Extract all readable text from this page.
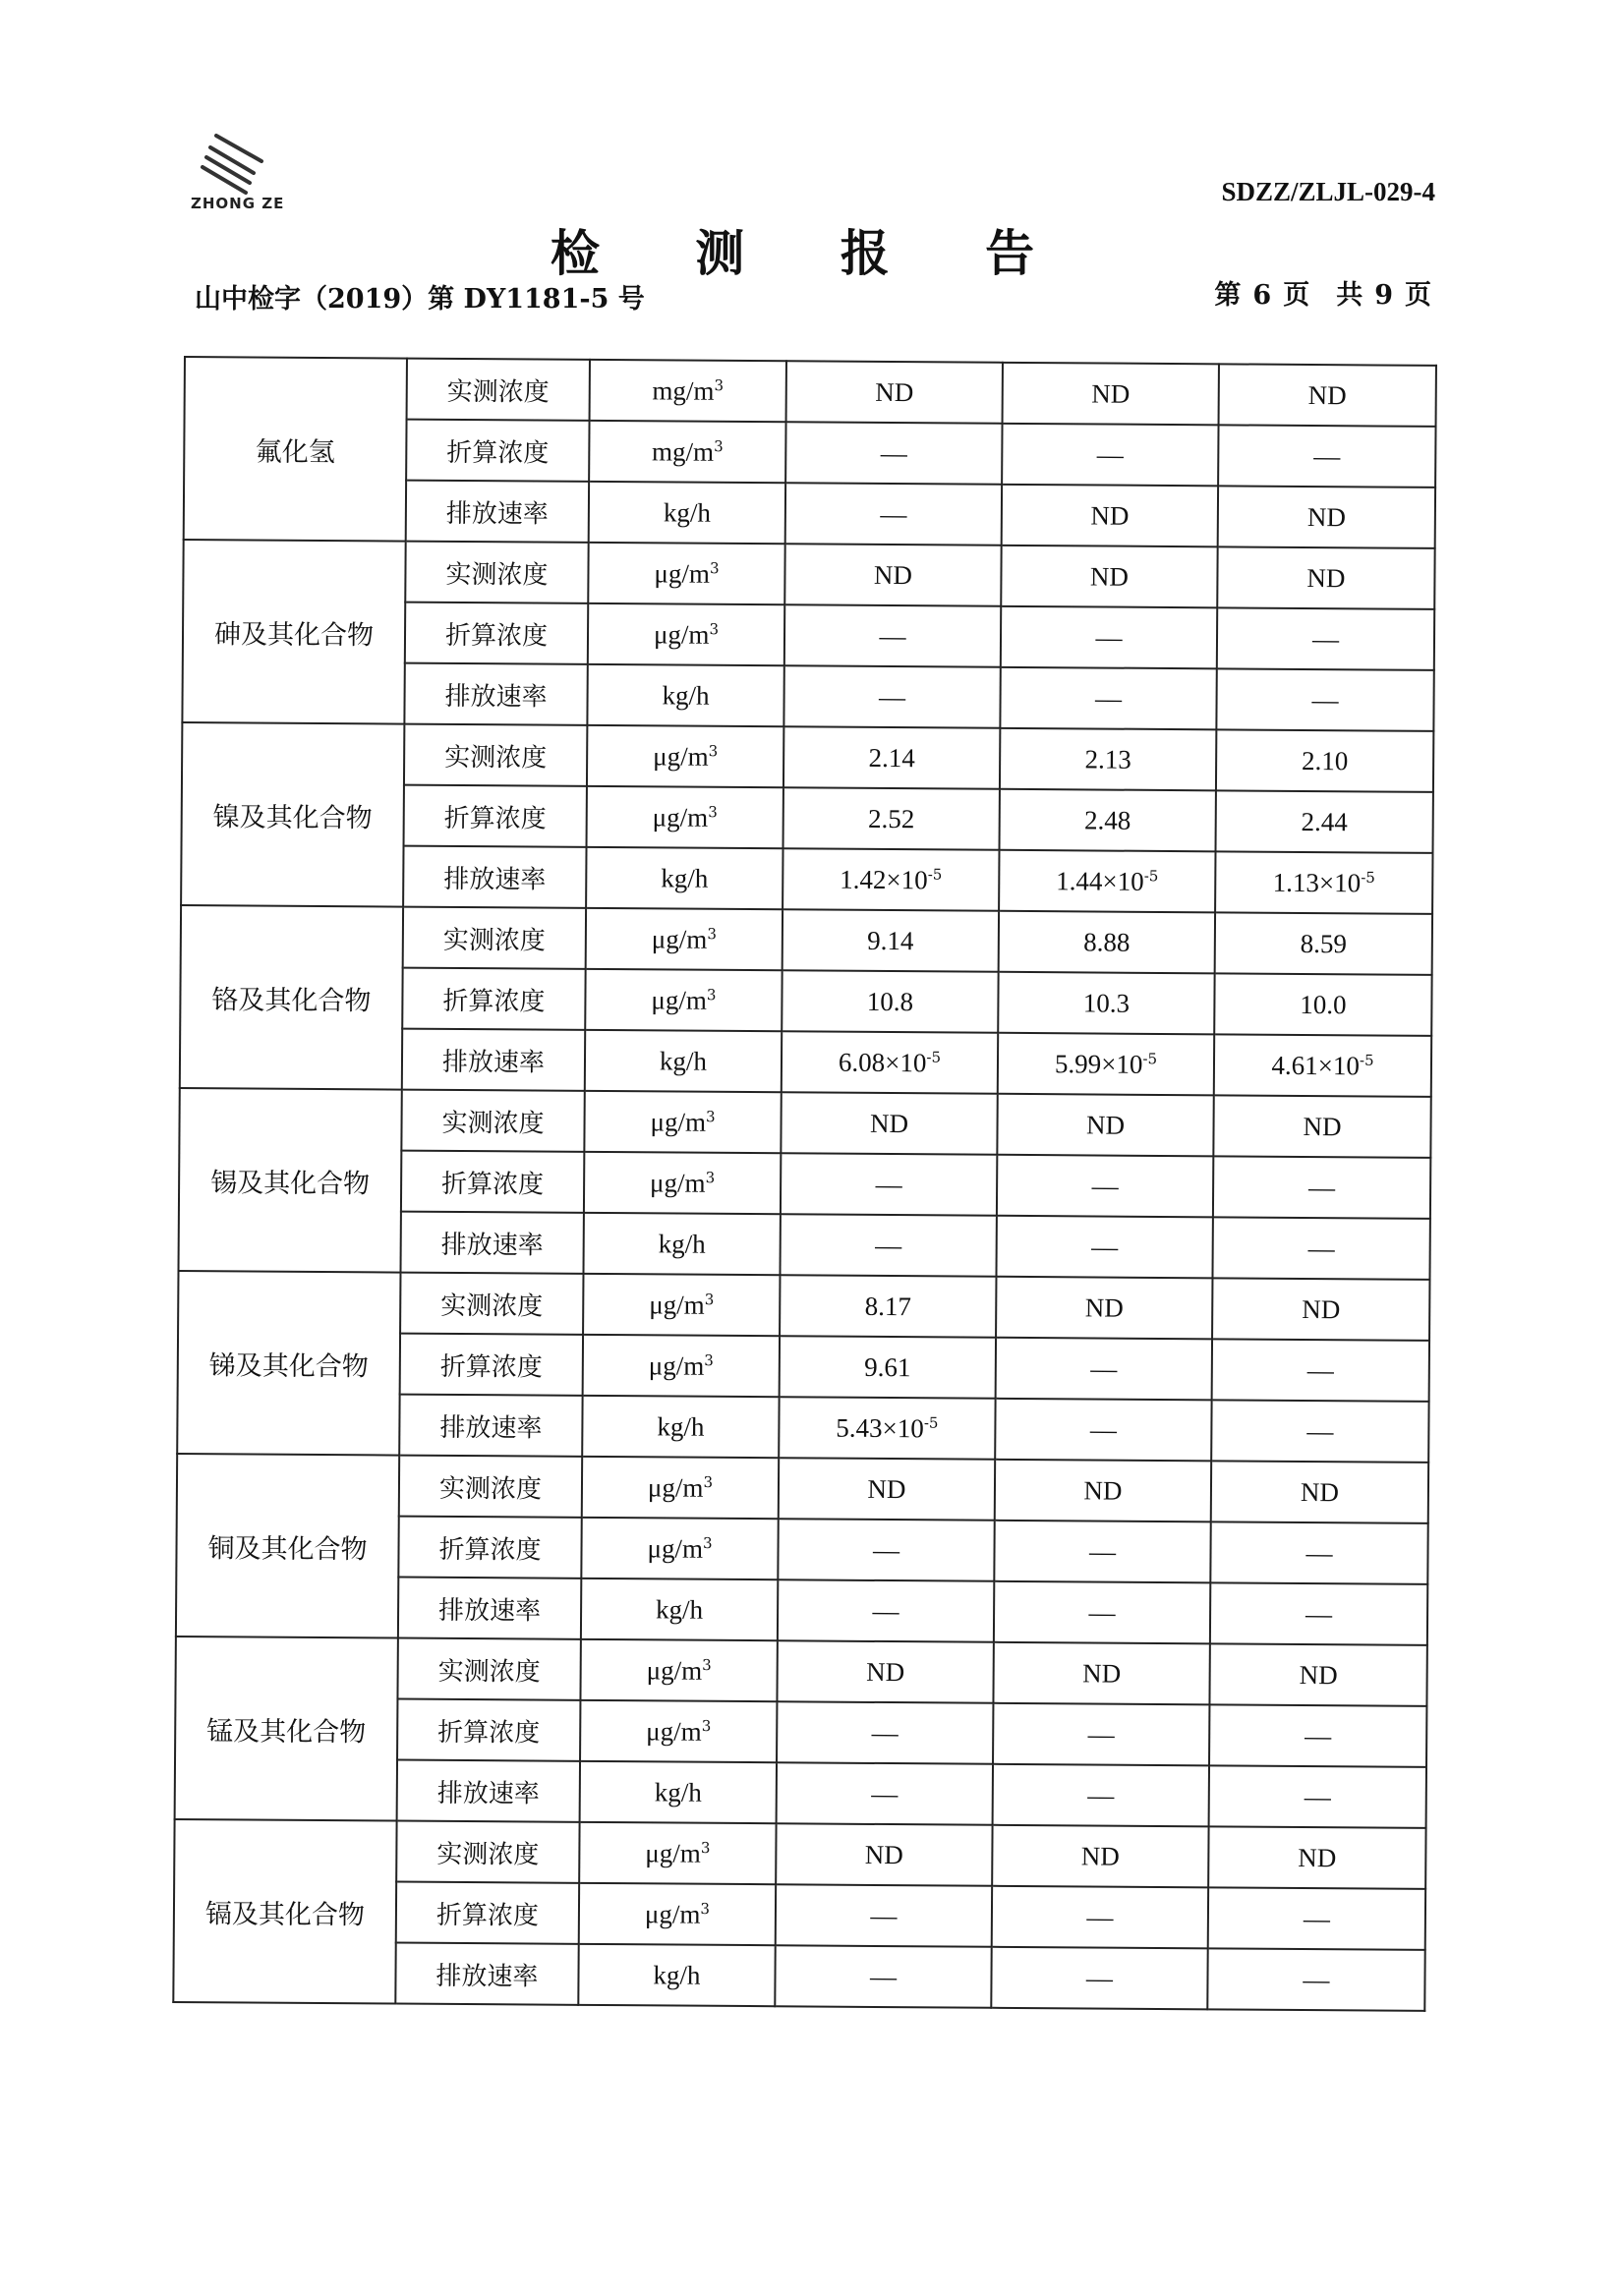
ZHONG ZE	SDZZ/ZLJL-029-4
检 测 报 告
山中检字（2019）第 DY1181-5 号	第 6 页　共 9 页
氟化氢	实测浓度	$mg/m^3$	ND	ND	ND
	折算浓度	$mg/m^3$	—	—	—
	排放速率	kg/h	—	ND	ND
砷及其化合物	实测浓度	$\mu g/m^3$	ND	ND	ND
	折算浓度	$\mu g/m^3$	—	—	—
	排放速率	kg/h	—	—	—
镍及其化合物	实测浓度	$\mu g/m^3$	2.14	2.13	2.10
	折算浓度	$\mu g/m^3$	2.52	2.48	2.44
	排放速率	kg/h	$1.42\times 10^{-5}$	$1.44\times 10^{-5}$	$1.13\times 10^{-5}$
铬及其化合物	实测浓度	$\mu g/m^3$	9.14	8.88	8.59
	折算浓度	$\mu g/m^3$	10.8	10.3	10.0
	排放速率	kg/h	$6.08\times 10^{-5}$	$5.99\times 10^{-5}$	$4.61\times 10^{-5}$
锡及其化合物	实测浓度	$\mu g/m^3$	ND	ND	ND
	折算浓度	$\mu g/m^3$	—	—	—
	排放速率	kg/h	—	—	—
锑及其化合物	实测浓度	$\mu g/m^3$	8.17	ND	ND
	折算浓度	$\mu g/m^3$	9.61	—	—
	排放速率	kg/h	$5.43\times 10^{-5}$	—	—
铜及其化合物	实测浓度	$\mu g/m^3$	ND	ND	ND
	折算浓度	$\mu g/m^3$	—	—	—
	排放速率	kg/h	—	—	—
锰及其化合物	实测浓度	$\mu g/m^3$	ND	ND	ND
	折算浓度	$\mu g/m^3$	—	—	—
	排放速率	kg/h	—	—	—
镉及其化合物	实测浓度	$\mu g/m^3$	ND	ND	ND
	折算浓度	$\mu g/m^3$	—	—	—
	排放速率	kg/h	—	—	—
